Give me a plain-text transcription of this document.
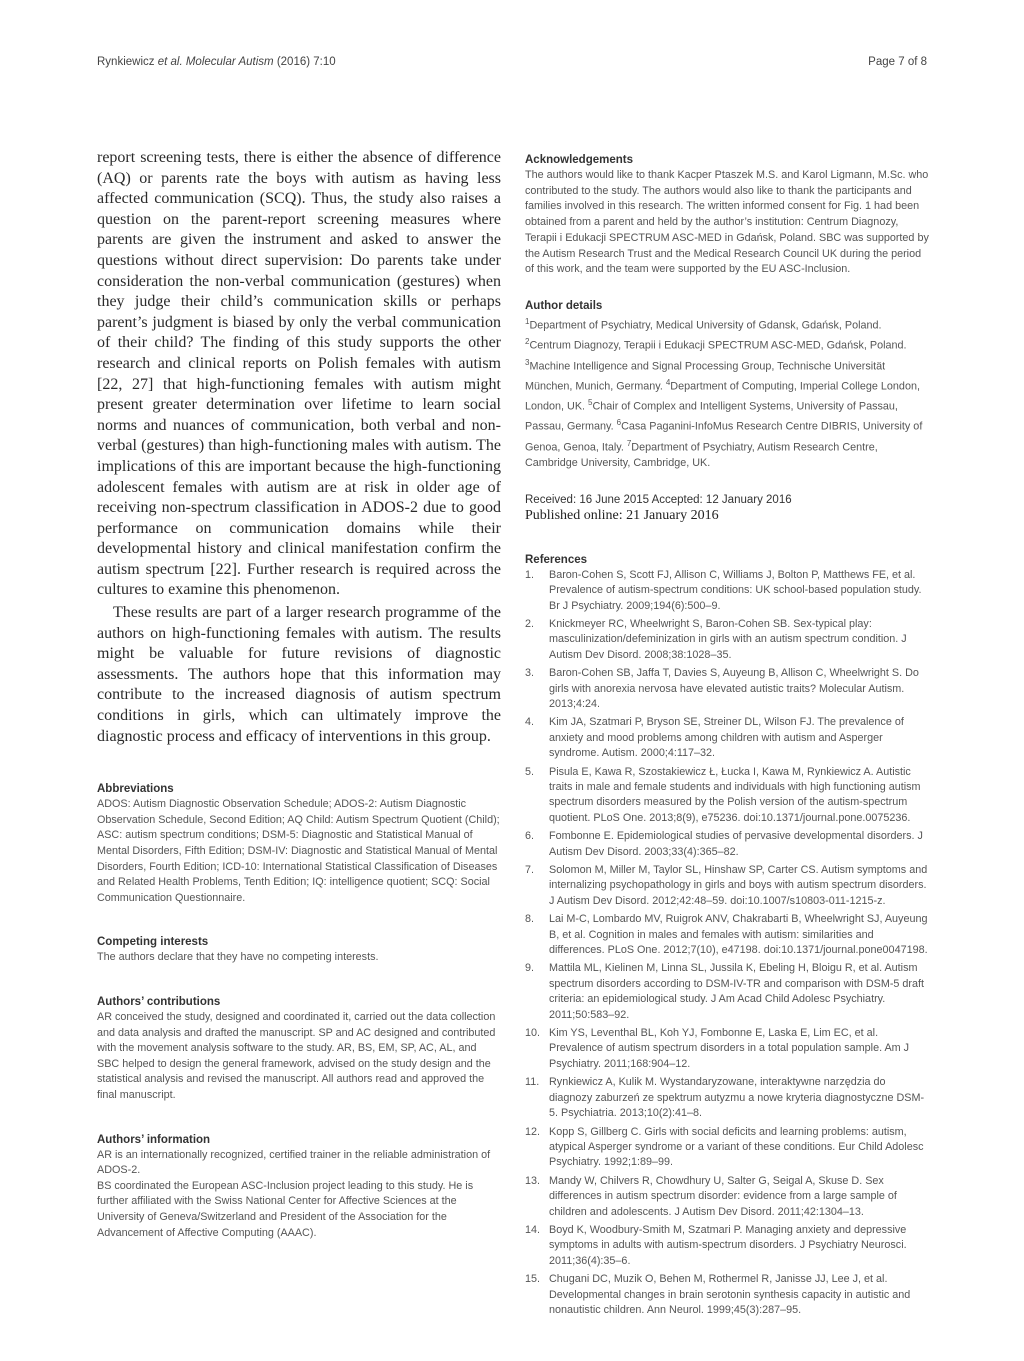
Rynkiewicz et al. Molecular Autism (2016) 7:10	Page 7 of 8

report screening tests, there is either the absence of difference (AQ) or parents rate the boys with autism as having less affected communication (SCQ). Thus, the study also raises a question on the parent-report screening measures where parents are given the instrument and asked to answer the questions without direct supervision: Do parents take under consideration the non-verbal communication (gestures) when they judge their child’s communication skills or perhaps parent’s judgment is biased by only the verbal communication of their child? The finding of this study supports the other research and clinical reports on Polish females with autism [22, 27] that high-functioning females with autism might present greater determination over lifetime to learn social norms and nuances of communication, both verbal and non-verbal (gestures) than high-functioning males with autism. The implications of this are important because the high-functioning adolescent females with autism are at risk in older age of receiving non-spectrum classification in ADOS-2 due to good performance on communication domains while their developmental history and clinical manifestation confirm the autism spectrum [22]. Further research is required across the cultures to examine this phenomenon.

These results are part of a larger research programme of the authors on high-functioning females with autism. The results might be valuable for future revisions of diagnostic assessments. The authors hope that this information may contribute to the increased diagnosis of autism spectrum conditions in girls, which can ultimately improve the diagnostic process and efficacy of interventions in this group.

Abbreviations

ADOS: Autism Diagnostic Observation Schedule; ADOS-2: Autism Diagnostic Observation Schedule, Second Edition; AQ Child: Autism Spectrum Quotient (Child); ASC: autism spectrum conditions; DSM-5: Diagnostic and Statistical Manual of Mental Disorders, Fifth Edition; DSM-IV: Diagnostic and Statistical Manual of Mental Disorders, Fourth Edition; ICD-10: International Statistical Classification of Diseases and Related Health Problems, Tenth Edition; IQ: intelligence quotient; SCQ: Social Communication Questionnaire.

Competing interests

The authors declare that they have no competing interests.

Authors’ contributions

AR conceived the study, designed and coordinated it, carried out the data collection and data analysis and drafted the manuscript. SP and AC designed and contributed with the movement analysis software to the study. AR, BS, EM, SP, AC, AL, and SBC helped to design the general framework, advised on the study design and the statistical analysis and revised the manuscript. All authors read and approved the final manuscript.

Authors’ information

AR is an internationally recognized, certified trainer in the reliable administration of ADOS-2.

BS coordinated the European ASC-Inclusion project leading to this study. He is further affiliated with the Swiss National Center for Affective Sciences at the University of Geneva/Switzerland and President of the Association for the Advancement of Affective Computing (AAAC).

Acknowledgements

The authors would like to thank Kacper Ptaszek M.S. and Karol Ligmann, M.Sc. who contributed to the study. The authors would also like to thank the participants and families involved in this research. The written informed consent for Fig. 1 had been obtained from a parent and held by the author’s institution: Centrum Diagnozy, Terapii i Edukacji SPECTRUM ASC-MED in Gdańsk, Poland. SBC was supported by the Autism Research Trust and the Medical Research Council UK during the period of this work, and the team were supported by the EU ASC-Inclusion.

Author details

$^1$Department of Psychiatry, Medical University of Gdansk, Gdańsk, Poland. $^2$Centrum Diagnozy, Terapii i Edukacji SPECTRUM ASC-MED, Gdańsk, Poland. $^3$Machine Intelligence and Signal Processing Group, Technische Universität München, Munich, Germany. $^4$Department of Computing, Imperial College London, London, UK. $^5$Chair of Complex and Intelligent Systems, University of Passau, Passau, Germany. $^6$Casa Paganini-InfoMus Research Centre DIBRIS, University of Genoa, Genoa, Italy. $^7$Department of Psychiatry, Autism Research Centre, Cambridge University, Cambridge, UK.

Received: 16 June 2015 Accepted: 12 January 2016
Published online: 21 January 2016

References

1.	Baron-Cohen S, Scott FJ, Allison C, Williams J, Bolton P, Matthews FE, et al. Prevalence of autism-spectrum conditions: UK school-based population study. Br J Psychiatry. 2009;194(6):500–9.
2.	Knickmeyer RC, Wheelwright S, Baron-Cohen SB. Sex-typical play: masculinization/defeminization in girls with an autism spectrum condition. J Autism Dev Disord. 2008;38:1028–35.
3.	Baron-Cohen SB, Jaffa T, Davies S, Auyeung B, Allison C, Wheelwright S. Do girls with anorexia nervosa have elevated autistic traits? Molecular Autism. 2013;4:24.
4.	Kim JA, Szatmari P, Bryson SE, Streiner DL, Wilson FJ. The prevalence of anxiety and mood problems among children with autism and Asperger syndrome. Autism. 2000;4:117–32.
5.	Pisula E, Kawa R, Szostakiewicz Ł, Łucka I, Kawa M, Rynkiewicz A. Autistic traits in male and female students and individuals with high functioning autism spectrum disorders measured by the Polish version of the autism-spectrum quotient. PLoS One. 2013;8(9), e75236. doi:10.1371/journal.pone.0075236.
6.	Fombonne E. Epidemiological studies of pervasive developmental disorders. J Autism Dev Disord. 2003;33(4):365–82.
7.	Solomon M, Miller M, Taylor SL, Hinshaw SP, Carter CS. Autism symptoms and internalizing psychopathology in girls and boys with autism spectrum disorders. J Autism Dev Disord. 2012;42:48–59. doi:10.1007/s10803-011-1215-z.
8.	Lai M-C, Lombardo MV, Ruigrok ANV, Chakrabarti B, Wheelwright SJ, Auyeung B, et al. Cognition in males and females with autism: similarities and differences. PLoS One. 2012;7(10), e47198. doi:10.1371/journal.pone0047198.
9.	Mattila ML, Kielinen M, Linna SL, Jussila K, Ebeling H, Bloigu R, et al. Autism spectrum disorders according to DSM-IV-TR and comparison with DSM-5 draft criteria: an epidemiological study. J Am Acad Child Adolesc Psychiatry. 2011;50:583–92.
10. Kim YS, Leventhal BL, Koh YJ, Fombonne E, Laska E, Lim EC, et al. Prevalence of autism spectrum disorders in a total population sample. Am J Psychiatry. 2011;168:904–12.
11. Rynkiewicz A, Kulik M. Wystandaryzowane, interaktywne narzędzia do diagnozy zaburzeń ze spektrum autyzmu a nowe kryteria diagnostyczne DSM-5. Psychiatria. 2013;10(2):41–8.
12. Kopp S, Gillberg C. Girls with social deficits and learning problems: autism, atypical Asperger syndrome or a variant of these conditions. Eur Child Adolesc Psychiatry. 1992;1:89–99.
13. Mandy W, Chilvers R, Chowdhury U, Salter G, Seigal A, Skuse D. Sex differences in autism spectrum disorder: evidence from a large sample of children and adolescents. J Autism Dev Disord. 2011;42:1304–13.
14. Boyd K, Woodbury-Smith M, Szatmari P. Managing anxiety and depressive symptoms in adults with autism-spectrum disorders. J Psychiatry Neurosci. 2011;36(4):35–6.
15. Chugani DC, Muzik O, Behen M, Rothermel R, Janisse JJ, Lee J, et al. Developmental changes in brain serotonin synthesis capacity in autistic and nonautistic children. Ann Neurol. 1999;45(3):287–95.
